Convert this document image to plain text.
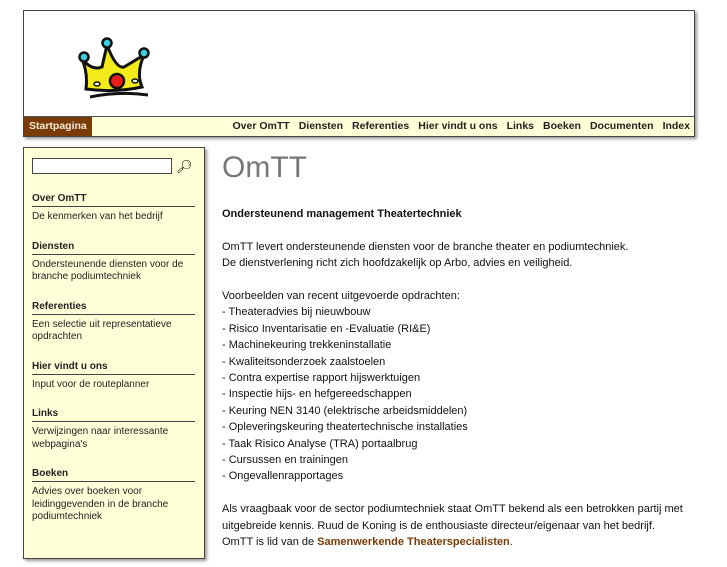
Startpagina	Over OmTT Diensten Referenties Hier vindt u ons Links Boeken Documenten Index
🔎︎
Over OmTT

De kenmerken van het bedrijf

Diensten

Ondersteunende diensten voor de branche podiumtechniek

Referenties

Een selectie uit representatieve opdrachten

Hier vindt u ons

Input voor de routeplanner

Links

Verwijzingen naar interessante webpagina's

Boeken

Advies over boeken voor leidinggevenden in de branche podiumtechniek

OmTT

Ondersteunend management Theatertechniek

OmTT levert ondersteunende diensten voor de branche theater en podiumtechniek.
De dienstverlening richt zich hoofdzakelijk op Arbo, advies en veiligheid.

Voorbeelden van recent uitgevoerde opdrachten:
- Theateradvies bij nieuwbouw
- Risico Inventarisatie en -Evaluatie (RI&E)
- Machinekeuring trekkeninstallatie
- Kwaliteitsonderzoek zaalstoelen
- Contra expertise rapport hijswerktuigen
- Inspectie hijs- en hefgereedschappen
- Keuring NEN 3140 (elektrische arbeidsmiddelen)
- Opleveringskeuring theatertechnische installaties
- Taak Risico Analyse (TRA) portaalbrug
- Cursussen en trainingen
- Ongevallenrapportages

Als vraagbaak voor de sector podiumtechniek staat OmTT bekend als een betrokken partij met uitgebreide kennis. Ruud de Koning is de enthousiaste directeur/eigenaar van het bedrijf.
OmTT is lid van de Samenwerkende Theaterspecialisten.
